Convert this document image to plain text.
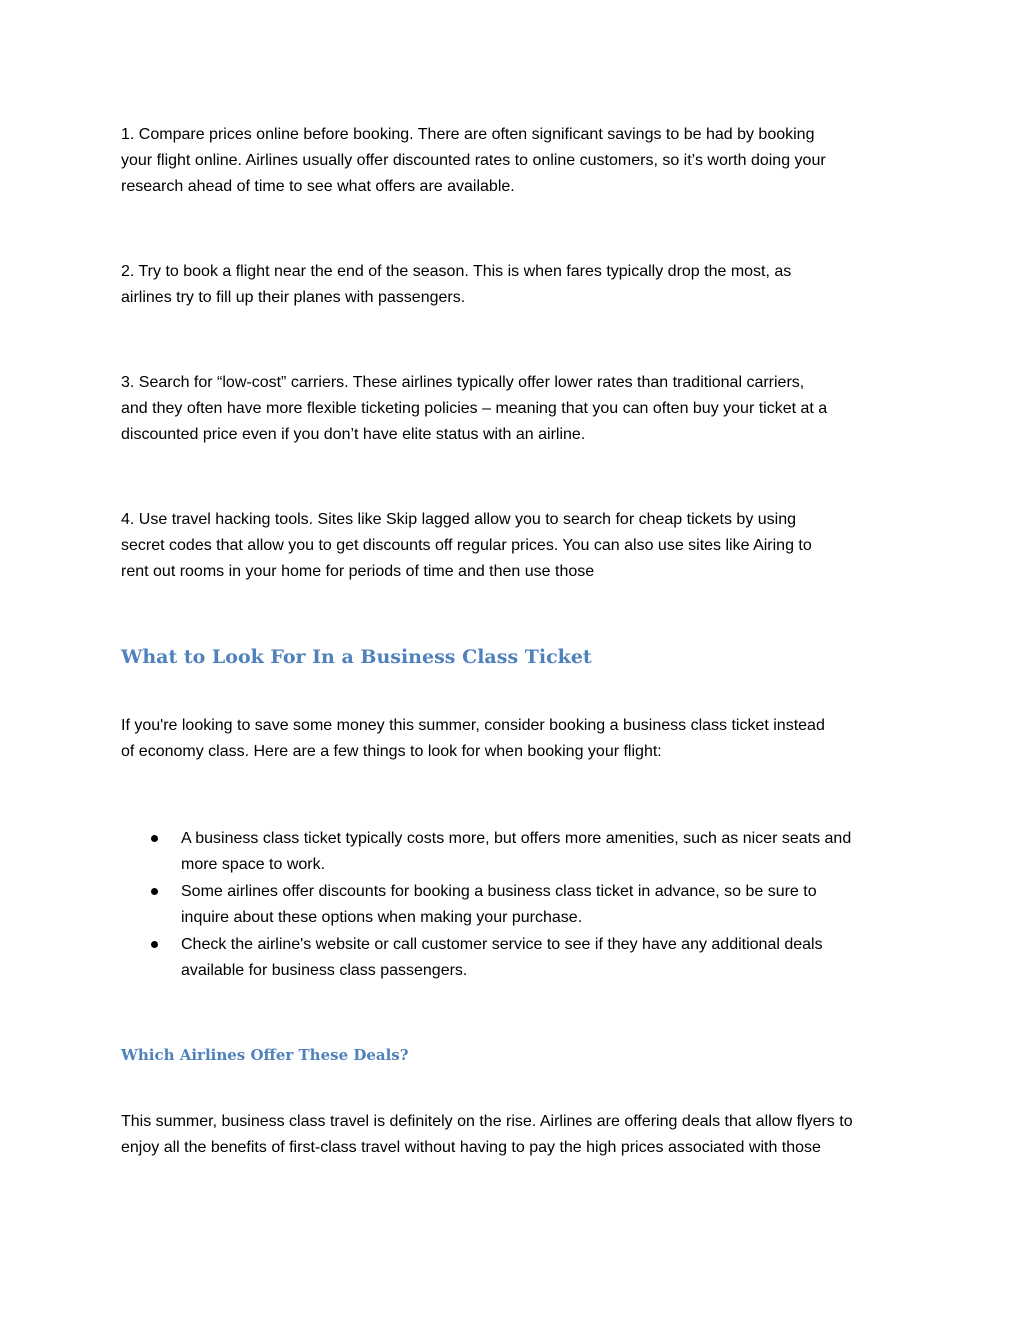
1. Compare prices online before booking. There are often significant savings to be had by booking
your flight online. Airlines usually offer discounted rates to online customers, so it’s worth doing your
research ahead of time to see what offers are available.

2. Try to book a flight near the end of the season. This is when fares typically drop the most, as
airlines try to fill up their planes with passengers.

3. Search for “low-cost” carriers. These airlines typically offer lower rates than traditional carriers,
and they often have more flexible ticketing policies – meaning that you can often buy your ticket at a
discounted price even if you don’t have elite status with an airline.

4. Use travel hacking tools. Sites like Skip lagged allow you to search for cheap tickets by using
secret codes that allow you to get discounts off regular prices. You can also use sites like Airing to
rent out rooms in your home for periods of time and then use those

What to Look For In a Business Class Ticket

If you're looking to save some money this summer, consider booking a business class ticket instead
of economy class. Here are a few things to look for when booking your flight:

A business class ticket typically costs more, but offers more amenities, such as nicer seats and
more space to work.
Some airlines offer discounts for booking a business class ticket in advance, so be sure to
inquire about these options when making your purchase.
Check the airline's website or call customer service to see if they have any additional deals
available for business class passengers.
Which Airlines Offer These Deals?

This summer, business class travel is definitely on the rise. Airlines are offering deals that allow flyers to
enjoy all the benefits of first-class travel without having to pay the high prices associated with those
